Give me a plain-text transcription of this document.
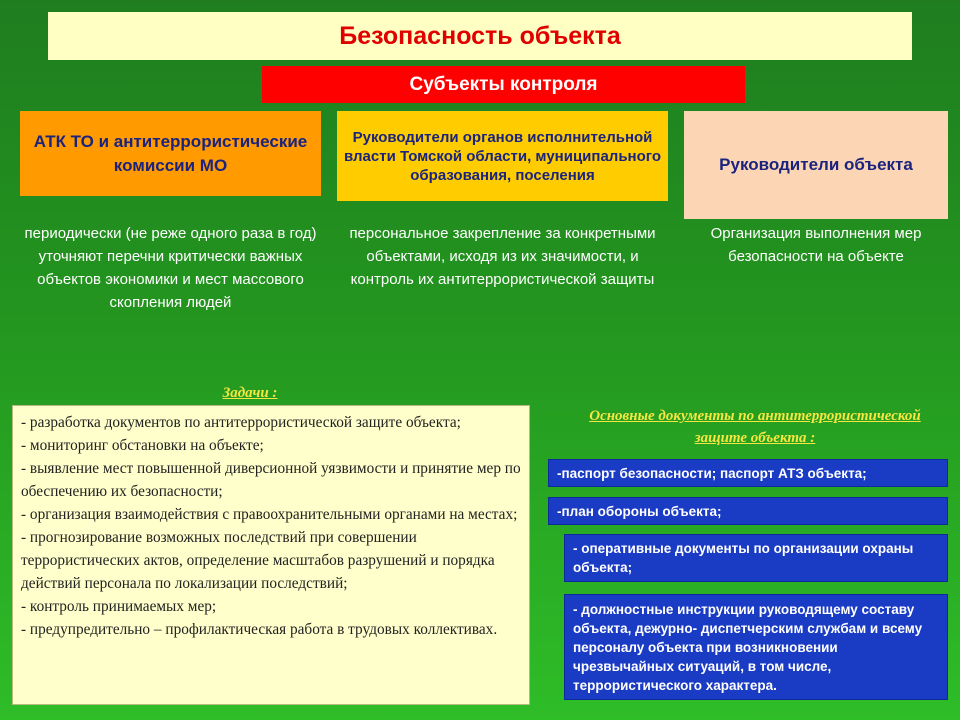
Безопасность объекта
Субъекты контроля
АТК ТО и антитеррористические комиссии МО
Руководители органов исполнительной власти Томской области, муниципального образования, поселения
Руководители объекта
периодически (не реже одного раза в год) уточняют перечни критически важных объектов экономики и мест массового скопления людей
персональное закрепление за конкретными объектами, исходя из их значимости, и контроль их антитеррористической защиты
Организация выполнения мер безопасности на объекте
Задачи :
- разработка документов по антитеррористической защите объекта;
- мониторинг обстановки на объекте;
- выявление мест повышенной диверсионной уязвимости и принятие мер по обеспечению их безопасности;
- организация взаимодействия с правоохранительными органами на местах;
- прогнозирование возможных последствий при совершении террористических актов, определение масштабов разрушений и порядка действий персонала по локализации последствий;
- контроль принимаемых мер;
- предупредительно – профилактическая работа в трудовых коллективах.
Основные документы по антитеррористической защите объекта :
-паспорт безопасности; паспорт АТЗ объекта;
-план обороны объекта;
- оперативные документы по организации охраны объекта;
- должностные инструкции руководящему составу объекта, дежурно- диспетчерским службам и всему персоналу объекта при возникновении чрезвычайных ситуаций, в том числе, террористического характера.
